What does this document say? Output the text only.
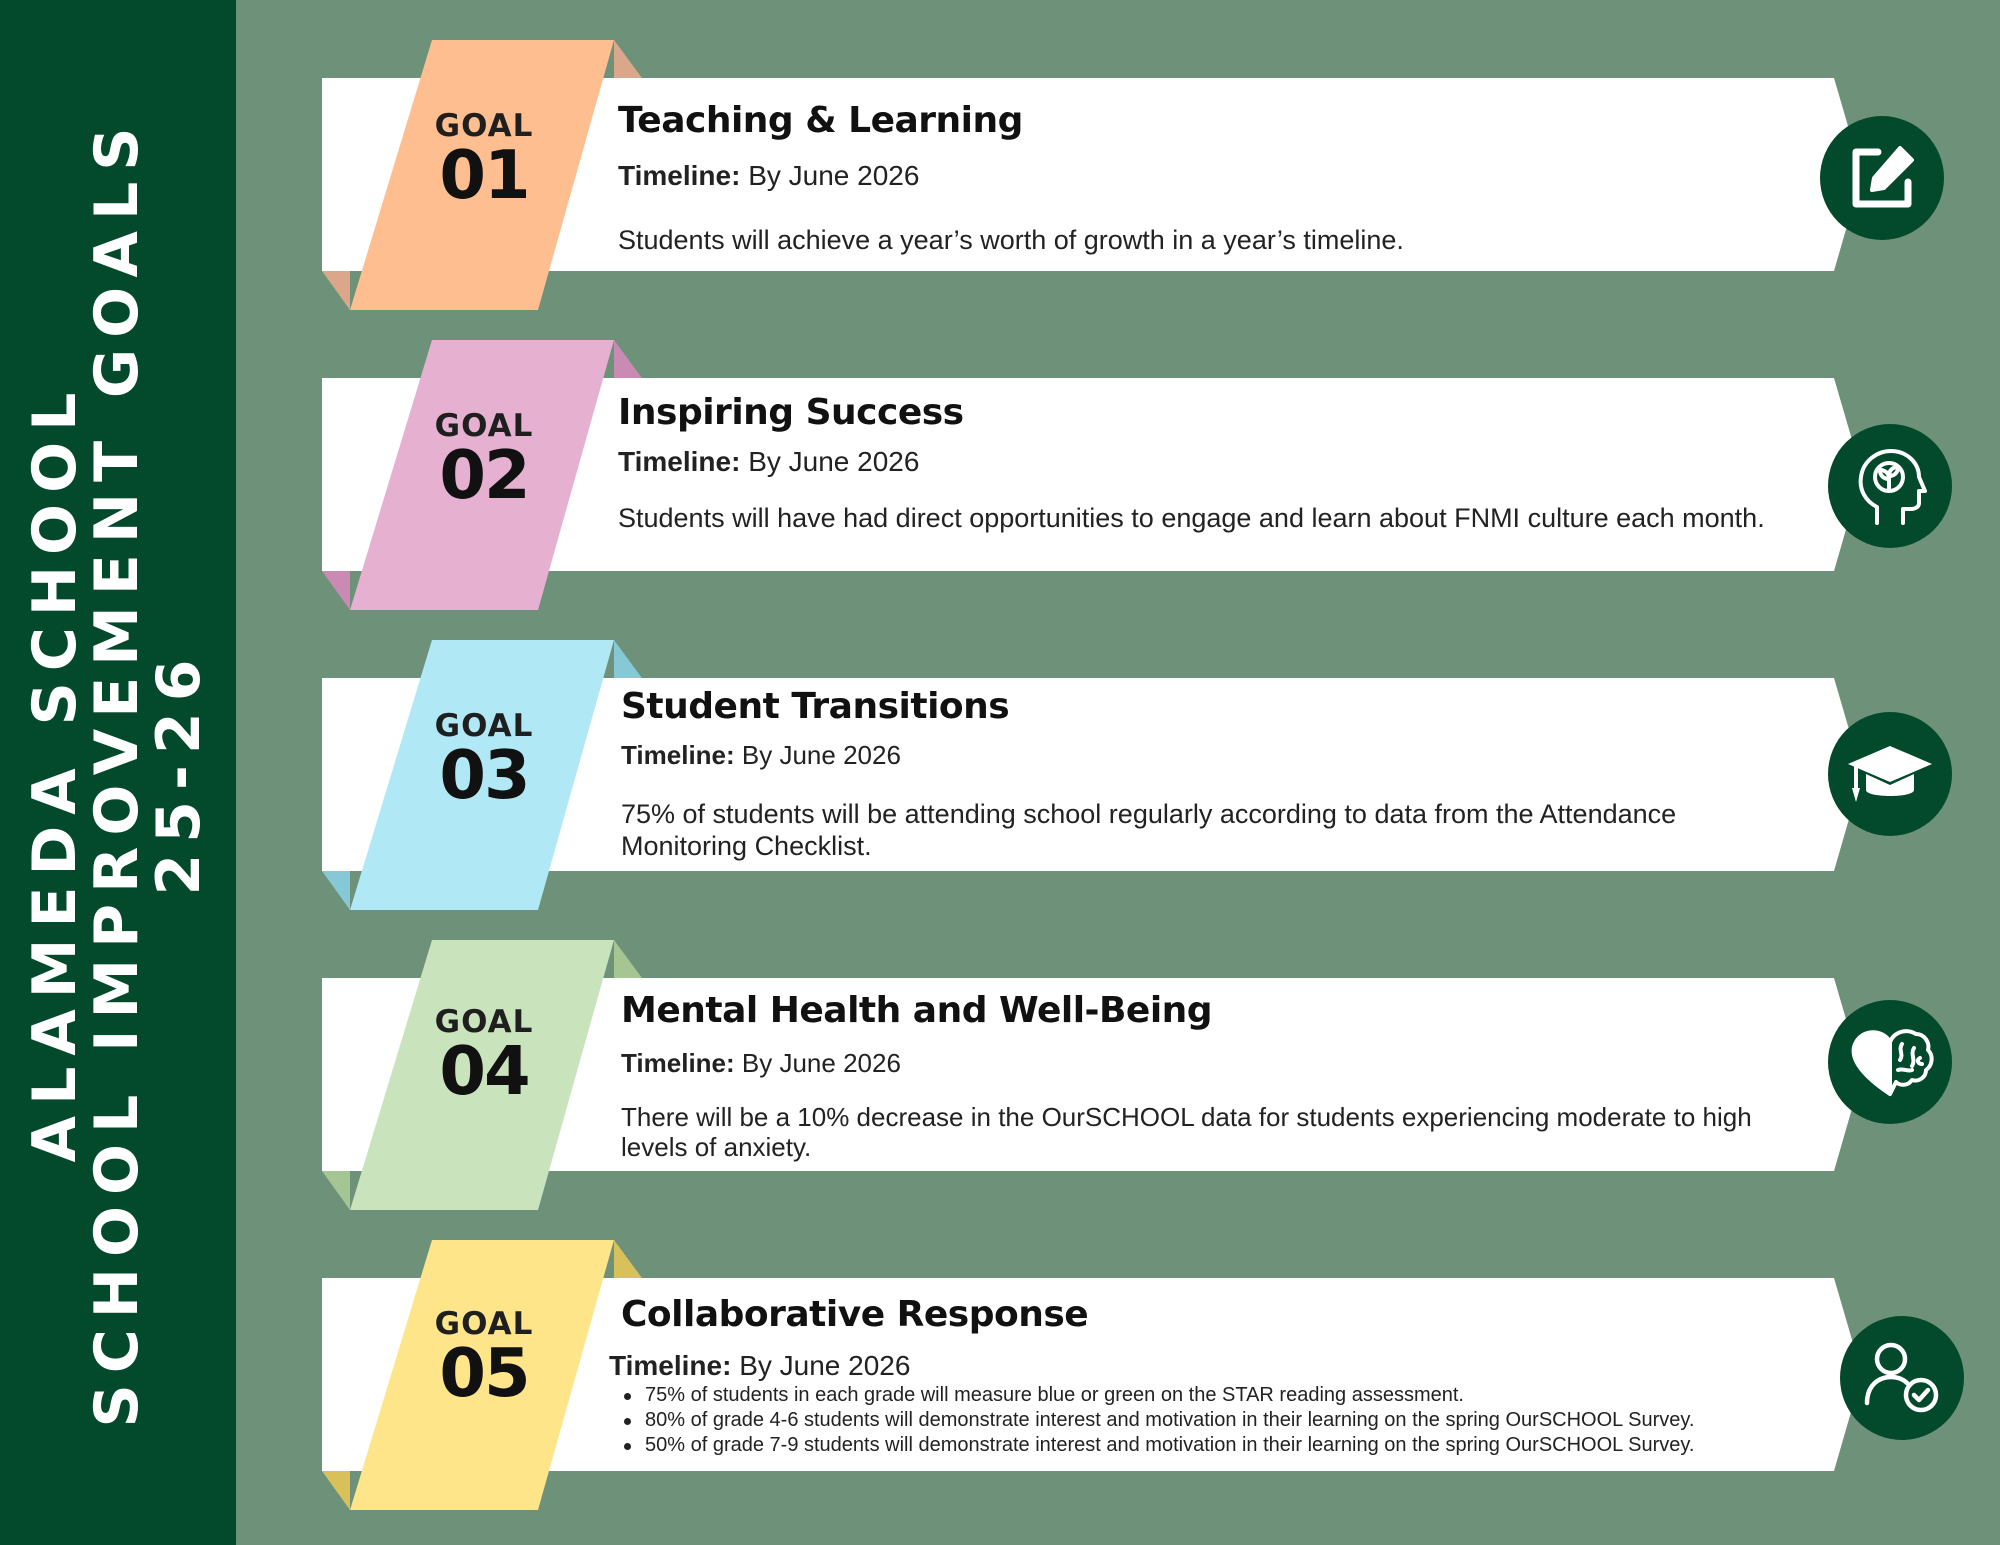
ALAMEDA SCHOOL
SCHOOL IMPROVEMENT GOALS 25-26
GOAL
01
Teaching & Learning
Timeline: By June 2026
Students will achieve a year’s worth of growth in a year’s timeline.
GOAL
02
Inspiring Success
Timeline: By June 2026
Students will have had direct opportunities to engage and learn about FNMI culture each month.
GOAL
03
Student Transitions
Timeline: By June 2026
75% of students will be attending school regularly according to data from the Attendance Monitoring Checklist.
GOAL
04
Mental Health and Well-Being
Timeline: By June 2026
There will be a 10% decrease in the OurSCHOOL data for students experiencing moderate to high levels of anxiety.
GOAL
05
Collaborative Response
Timeline: By June 2026
75% of students in each grade will measure blue or green on the STAR reading assessment.
80% of grade 4-6 students will demonstrate interest and motivation in their learning on the spring OurSCHOOL Survey.
50% of grade 7-9 students will demonstrate interest and motivation in their learning on the spring OurSCHOOL Survey.
